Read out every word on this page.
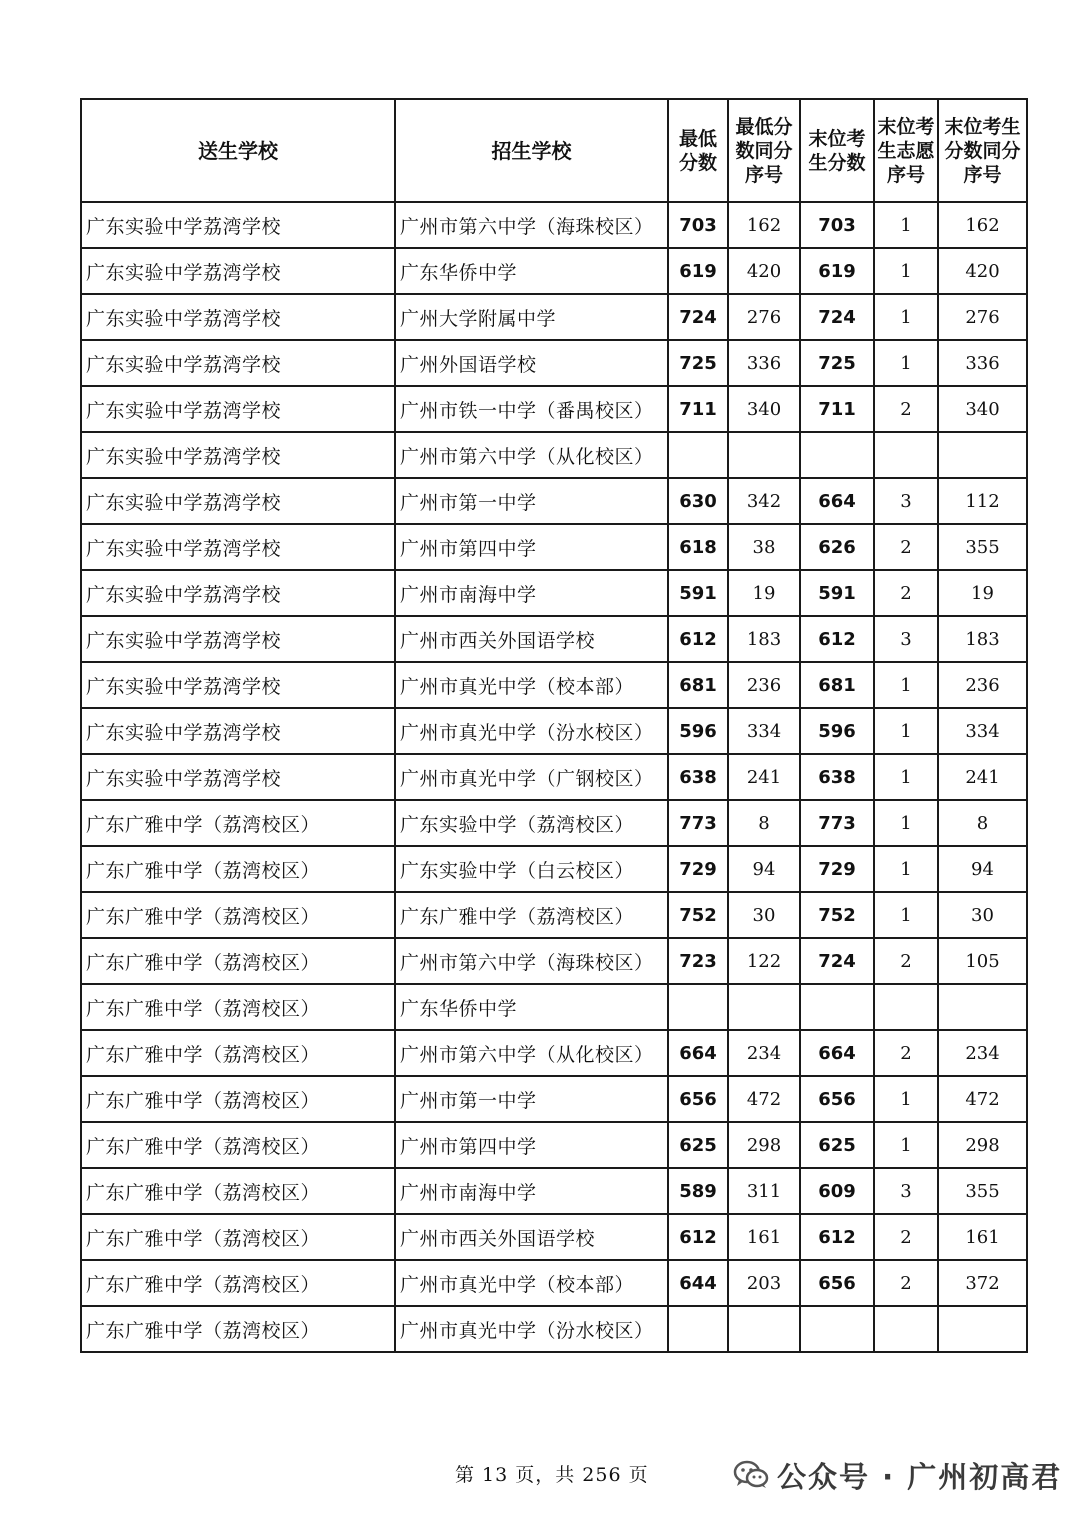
送生学校	招生学校	最低分数	最低分数同分序号	末位考生分数	末位考生志愿序号	末位考生分数同分序号
广东实验中学荔湾学校	广州市第六中学（海珠校区）	703	162	703	1	162
广东实验中学荔湾学校	广东华侨中学	619	420	619	1	420
广东实验中学荔湾学校	广州大学附属中学	724	276	724	1	276
广东实验中学荔湾学校	广州外国语学校	725	336	725	1	336
广东实验中学荔湾学校	广州市铁一中学（番禺校区）	711	340	711	2	340
广东实验中学荔湾学校	广州市第六中学（从化校区）					
广东实验中学荔湾学校	广州市第一中学	630	342	664	3	112
广东实验中学荔湾学校	广州市第四中学	618	38	626	2	355
广东实验中学荔湾学校	广州市南海中学	591	19	591	2	19
广东实验中学荔湾学校	广州市西关外国语学校	612	183	612	3	183
广东实验中学荔湾学校	广州市真光中学（校本部）	681	236	681	1	236
广东实验中学荔湾学校	广州市真光中学（汾水校区）	596	334	596	1	334
广东实验中学荔湾学校	广州市真光中学（广钢校区）	638	241	638	1	241
广东广雅中学（荔湾校区）	广东实验中学（荔湾校区）	773	8	773	1	8
广东广雅中学（荔湾校区）	广东实验中学（白云校区）	729	94	729	1	94
广东广雅中学（荔湾校区）	广东广雅中学（荔湾校区）	752	30	752	1	30
广东广雅中学（荔湾校区）	广州市第六中学（海珠校区）	723	122	724	2	105
广东广雅中学（荔湾校区）	广东华侨中学					
广东广雅中学（荔湾校区）	广州市第六中学（从化校区）	664	234	664	2	234
广东广雅中学（荔湾校区）	广州市第一中学	656	472	656	1	472
广东广雅中学（荔湾校区）	广州市第四中学	625	298	625	1	298
广东广雅中学（荔湾校区）	广州市南海中学	589	311	609	3	355
广东广雅中学（荔湾校区）	广州市西关外国语学校	612	161	612	2	161
广东广雅中学（荔湾校区）	广州市真光中学（校本部）	644	203	656	2	372
广东广雅中学（荔湾校区）	广州市真光中学（汾水校区）					
第 13 页，共 256 页	公众号 · 广州初高君
